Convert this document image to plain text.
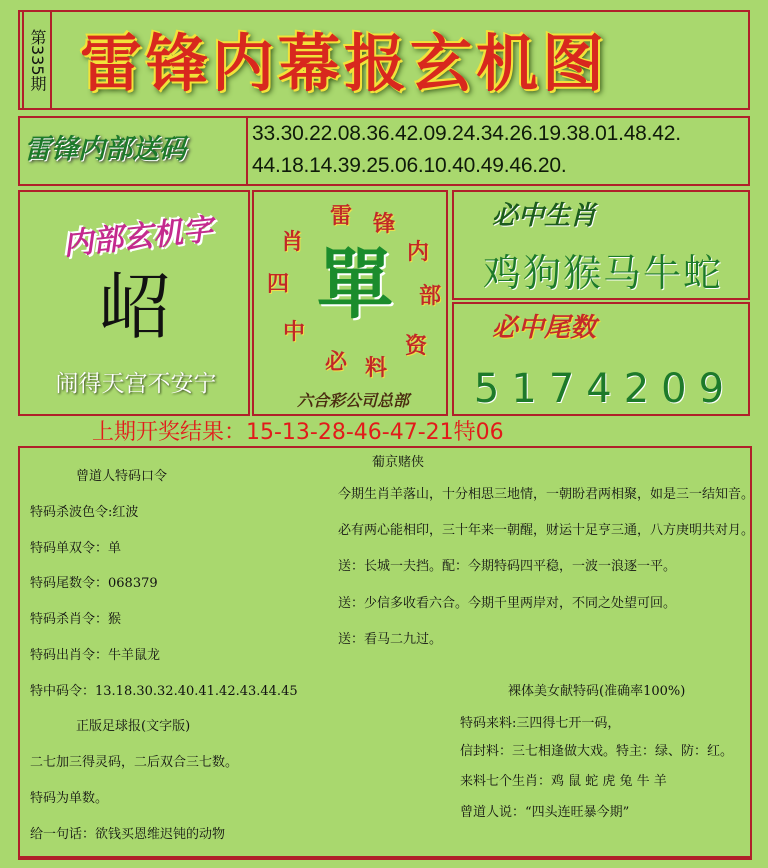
第335期 雷锋内幕报玄机图
雷锋内部送码
33.30.22.08.36.42.09.24.34.26.19.38.01.48.42.
44.18.14.39.25.06.10.40.49.46.20.
内部玄机字
岹
闹得天宫不安宁
單
雷 锋
内
部
资
料
必
中
四
肖
六合彩公司总部
必中生肖
鸡狗猴马牛蛇
必中尾数
5174209
上期开奖结果：15-13-28-46-47-21特06
曾道人特码口令
特码杀波色令:红波
特码单双令：单
特码尾数令：068379
特码杀肖令：猴
特码出肖令：牛羊鼠龙
特中码令：13.18.30.32.40.41.42.43.44.45
正版足球报(文字版)
二七加三得灵码，二后双合三七数。
特码为单数。
给一句话：欲钱买恩维迟钝的动物
葡京赌侠
今期生肖羊落山，十分相思三地情，一朝盼君两相聚，如是三一结知音。
必有两心能相印，三十年来一朝醒，财运十足亨三通，八方庚明共对月。
送：长城一夫挡。配：今期特码四平稳，一波一浪逐一平。
送：少信多收看六合。今期千里两岸对，不同之处望可回。
送：看马二九过。
裸体美女献特码(准确率100%)
特码来料:三四得七开一码，
信封料：三七相逢做大戏。特主：绿、防：红。
来料七个生肖：鸡 鼠 蛇 虎 兔 牛 羊
曾道人说：“四头连旺暴今期”
